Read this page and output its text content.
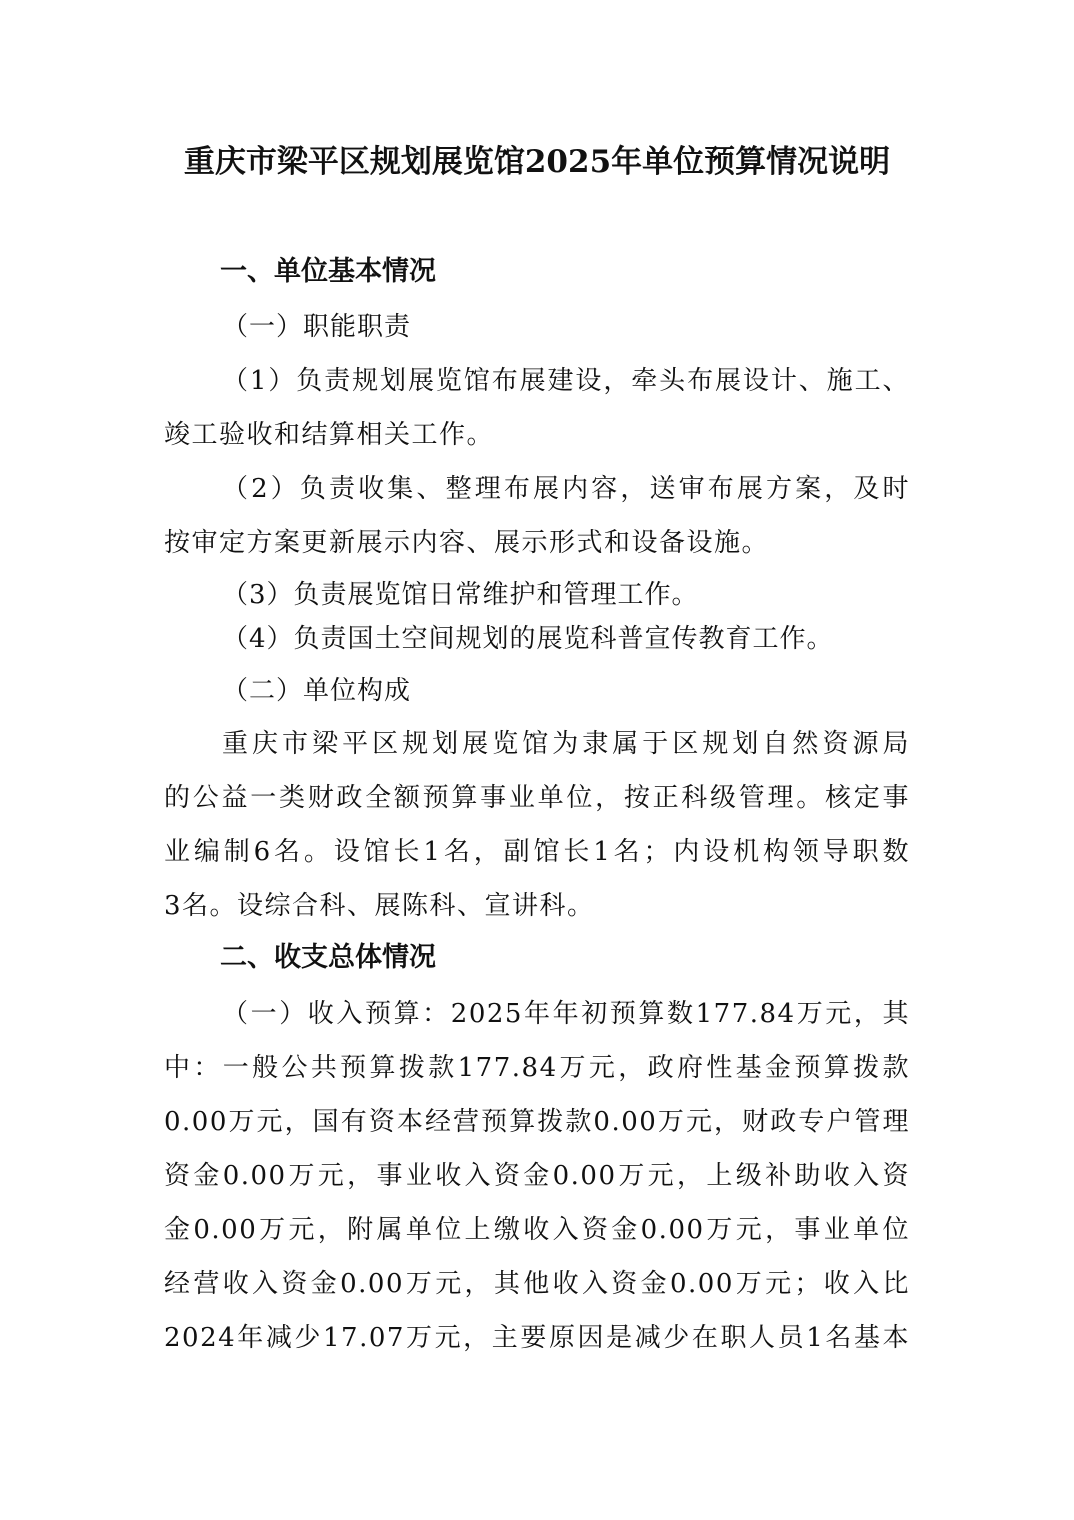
重庆市梁平区规划展览馆2025年单位预算情况说明
一、单位基本情况
（一）职能职责
（1）负责规划展览馆布展建设，牵头布展设计、施工、
竣工验收和结算相关工作。
（2）负责收集、整理布展内容，送审布展方案，及时
按审定方案更新展示内容、展示形式和设备设施。
（3）负责展览馆日常维护和管理工作。
（4）负责国土空间规划的展览科普宣传教育工作。
（二）单位构成
重庆市梁平区规划展览馆为隶属于区规划自然资源局
的公益一类财政全额预算事业单位，按正科级管理。核定事
业编制6名。设馆长1名，副馆长1名；内设机构领导职数
3名。设综合科、展陈科、宣讲科。
二、收支总体情况
（一）收入预算：2025年年初预算数177.84万元，其
中：一般公共预算拨款177.84万元，政府性基金预算拨款
0.00万元，国有资本经营预算拨款0.00万元，财政专户管理
资金0.00万元，事业收入资金0.00万元，上级补助收入资
金0.00万元，附属单位上缴收入资金0.00万元，事业单位
经营收入资金0.00万元，其他收入资金0.00万元；收入比
2024年减少17.07万元，主要原因是减少在职人员1名基本
